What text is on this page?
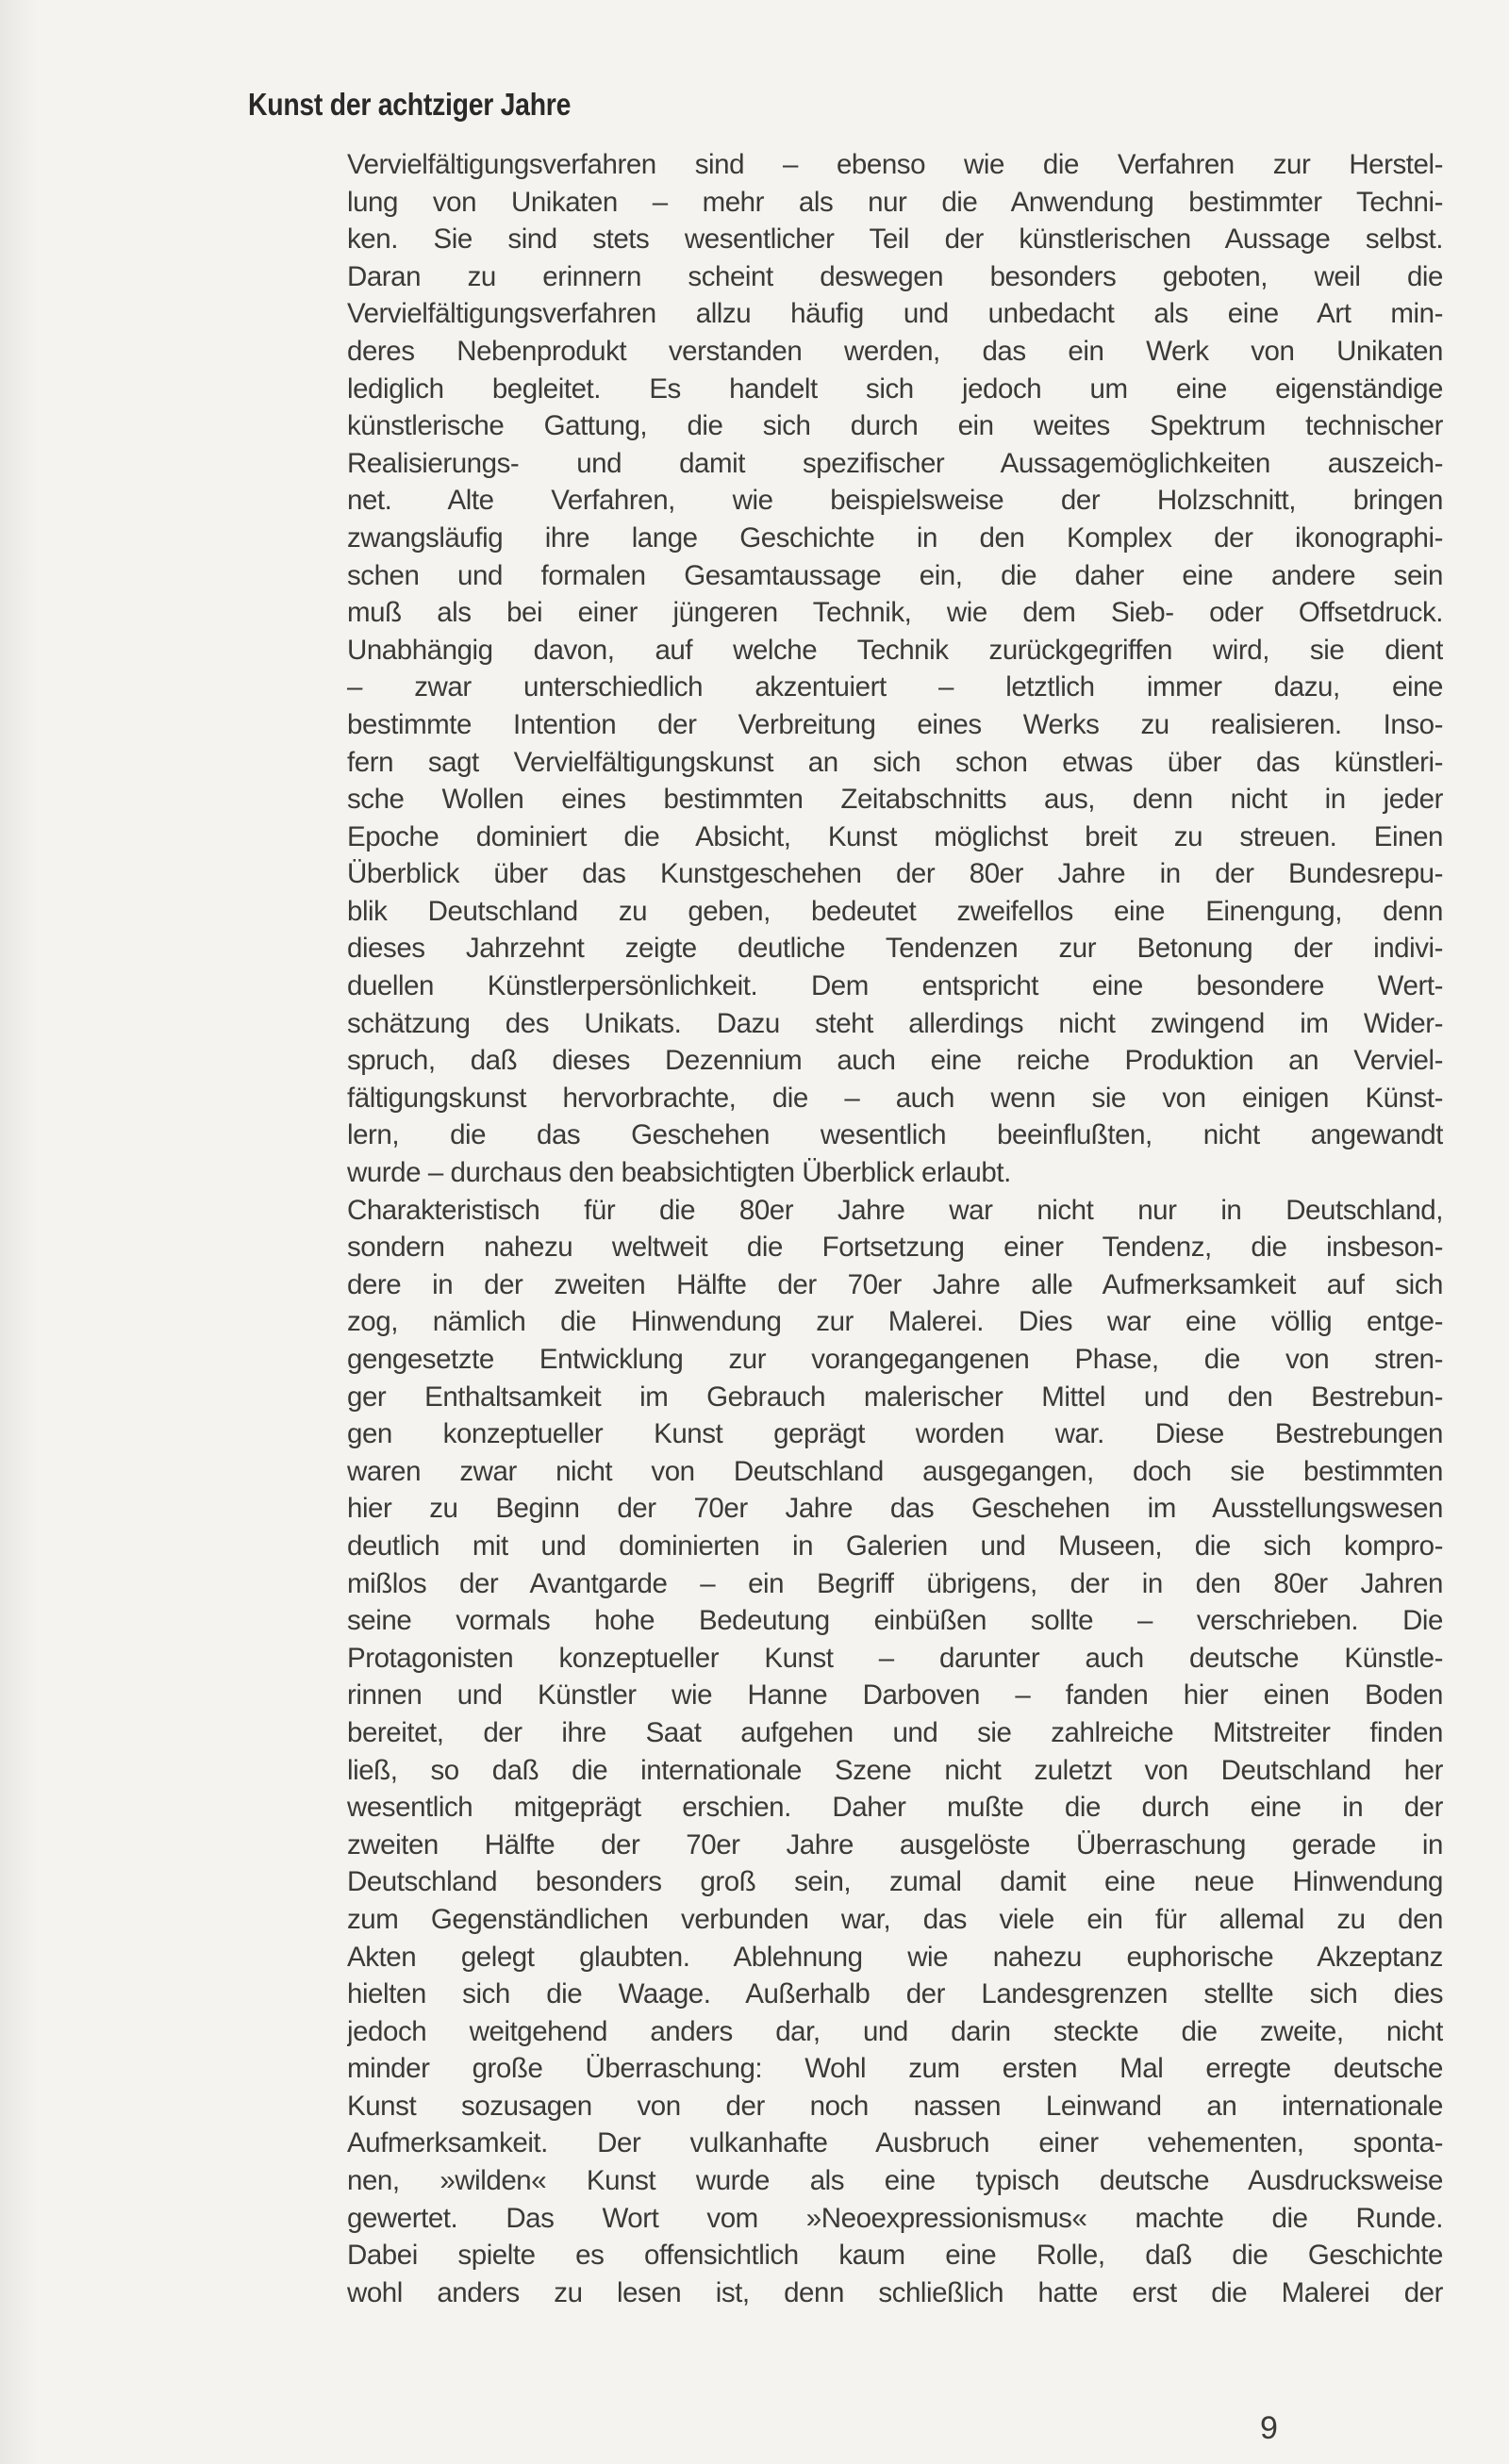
Kunst der achtziger Jahre
Vervielfältigungsverfahren sind – ebenso wie die Verfahren zur Herstel-
lung von Unikaten – mehr als nur die Anwendung bestimmter Techni-
ken. Sie sind stets wesentlicher Teil der künstlerischen Aussage selbst.
Daran zu erinnern scheint deswegen besonders geboten, weil die
Vervielfältigungsverfahren allzu häufig und unbedacht als eine Art min-
deres Nebenprodukt verstanden werden, das ein Werk von Unikaten
lediglich begleitet. Es handelt sich jedoch um eine eigenständige
künstlerische Gattung, die sich durch ein weites Spektrum technischer
Realisierungs- und damit spezifischer Aussagemöglichkeiten auszeich-
net. Alte Verfahren, wie beispielsweise der Holzschnitt, bringen
zwangsläufig ihre lange Geschichte in den Komplex der ikonographi-
schen und formalen Gesamtaussage ein, die daher eine andere sein
muß als bei einer jüngeren Technik, wie dem Sieb- oder Offsetdruck.
Unabhängig davon, auf welche Technik zurückgegriffen wird, sie dient
– zwar unterschiedlich akzentuiert – letztlich immer dazu, eine
bestimmte Intention der Verbreitung eines Werks zu realisieren. Inso-
fern sagt Vervielfältigungskunst an sich schon etwas über das künstleri-
sche Wollen eines bestimmten Zeitabschnitts aus, denn nicht in jeder
Epoche dominiert die Absicht, Kunst möglichst breit zu streuen. Einen
Überblick über das Kunstgeschehen der 80er Jahre in der Bundesrepu-
blik Deutschland zu geben, bedeutet zweifellos eine Einengung, denn
dieses Jahrzehnt zeigte deutliche Tendenzen zur Betonung der indivi-
duellen Künstlerpersönlichkeit. Dem entspricht eine besondere Wert-
schätzung des Unikats. Dazu steht allerdings nicht zwingend im Wider-
spruch, daß dieses Dezennium auch eine reiche Produktion an Verviel-
fältigungskunst hervorbrachte, die – auch wenn sie von einigen Künst-
lern, die das Geschehen wesentlich beeinflußten, nicht angewandt
wurde – durchaus den beabsichtigten Überblick erlaubt.
Charakteristisch für die 80er Jahre war nicht nur in Deutschland,
sondern nahezu weltweit die Fortsetzung einer Tendenz, die insbeson-
dere in der zweiten Hälfte der 70er Jahre alle Aufmerksamkeit auf sich
zog, nämlich die Hinwendung zur Malerei. Dies war eine völlig entge-
gengesetzte Entwicklung zur vorangegangenen Phase, die von stren-
ger Enthaltsamkeit im Gebrauch malerischer Mittel und den Bestrebun-
gen konzeptueller Kunst geprägt worden war. Diese Bestrebungen
waren zwar nicht von Deutschland ausgegangen, doch sie bestimmten
hier zu Beginn der 70er Jahre das Geschehen im Ausstellungswesen
deutlich mit und dominierten in Galerien und Museen, die sich kompro-
mißlos der Avantgarde – ein Begriff übrigens, der in den 80er Jahren
seine vormals hohe Bedeutung einbüßen sollte – verschrieben. Die
Protagonisten konzeptueller Kunst – darunter auch deutsche Künstle-
rinnen und Künstler wie Hanne Darboven – fanden hier einen Boden
bereitet, der ihre Saat aufgehen und sie zahlreiche Mitstreiter finden
ließ, so daß die internationale Szene nicht zuletzt von Deutschland her
wesentlich mitgeprägt erschien. Daher mußte die durch eine in der
zweiten Hälfte der 70er Jahre ausgelöste Überraschung gerade in
Deutschland besonders groß sein, zumal damit eine neue Hinwendung
zum Gegenständlichen verbunden war, das viele ein für allemal zu den
Akten gelegt glaubten. Ablehnung wie nahezu euphorische Akzeptanz
hielten sich die Waage. Außerhalb der Landesgrenzen stellte sich dies
jedoch weitgehend anders dar, und darin steckte die zweite, nicht
minder große Überraschung: Wohl zum ersten Mal erregte deutsche
Kunst sozusagen von der noch nassen Leinwand an internationale
Aufmerksamkeit. Der vulkanhafte Ausbruch einer vehementen, sponta-
nen, »wilden« Kunst wurde als eine typisch deutsche Ausdrucksweise
gewertet. Das Wort vom »Neoexpressionismus« machte die Runde.
Dabei spielte es offensichtlich kaum eine Rolle, daß die Geschichte
wohl anders zu lesen ist, denn schließlich hatte erst die Malerei der
9
